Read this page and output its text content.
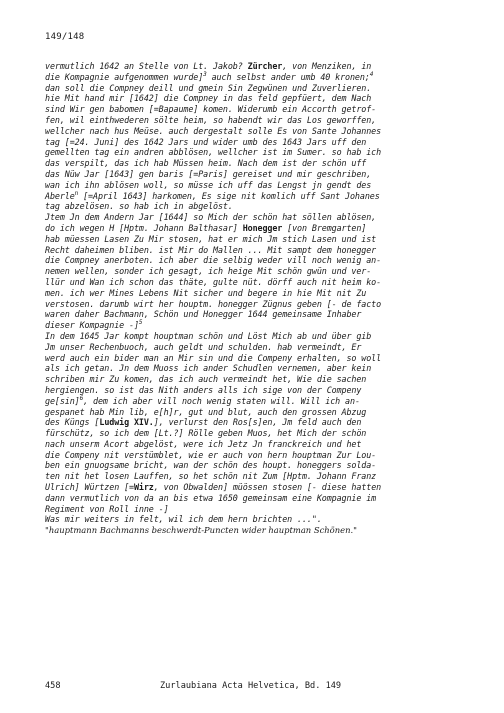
149/148
vermutlich 1642 an Stelle von Lt. Jakob? Zürcher, von Menziken, in
die Kompagnie aufgenommen wurde]$^3$ auch selbst ander umb 40 kronen;$^4$
dan soll die Compney deill und gmein Sin Zegwünen und Zuverlieren.
hie Mit hand mir [1642] die Compney in das feld gepfüert, dem Nach
sind Wir gen babomen [=Bapaume] komen. Widerumb ein Accorth getrof-
fen, wil einthwederen sölte heim, so habendt wir das Los geworffen,
wellcher nach hus Meüse. auch dergestalt solle Es von Sante Johannes
tag [=24. Juni] des 1642 Jars und wider umb des 1643 Jars uff den
gemellten tag ein andren abblösen, wellcher ist im Sumer. so hab ich
das verspilt, das ich hab Müssen heim. Nach dem ist der schön uff
das Nüw Jar [1643] gen baris [=Paris] gereiset und mir geschriben,
wan ich ihn ablösen woll, so müsse ich uff das Lengst jn gendt des
Aberle$^n$ [=April 1643] harkomen, Es sige nit komlich uff Sant Johanes
tag abzelösen. so hab ich in abgelöst.
Jtem Jn dem Andern Jar [1644] so Mich der schön hat söllen ablösen,
do ich wegen H [Hptm. Johann Balthasar] Honegger [von Bremgarten]
hab müessen Lasen Zu Mir stosen, hat er mich Jm stich Lasen und ist
Recht daheimen bliben. ist Mir do Mallen ... Mit sampt dem honegger
die Compney anerboten. ich aber die selbig weder vill noch wenig an-
nemen wellen, sonder ich gesagt, ich heige Mit schön gwün und ver-
llür und Wan ich schon das thäte, gulte nüt. dörff auch nit heim ko-
men. ich wer Mines Lebens Nit sicher und begere in hie Mit nit Zu
verstosen. darumb wirt her houptm. honegger Zügnus geben [- de facto
waren daher Bachmann, Schön und Honegger 1644 gemeinsame Inhaber
dieser Kompagnie -]$^5$
In dem 1645 Jar kompt houptman schön und Löst Mich ab und über gib
Jm unser Rechenbuoch, auch geldt und schulden. hab vermeindt, Er
werd auch ein bider man an Mir sin und die Compeny erhalten, so woll
als ich getan. Jn dem Muoss ich ander Schudlen vernemen, aber kein
schriben mir Zu komen, das ich auch vermeindt het, Wie die sachen
hergiengen. so ist das Nith anders alls ich sige von der Compeny
$ge[\sin]^6$, dem ich aber vill noch wenig staten will. Will ich an-
gespanet hab Min lib, e[h]r, gut und blut, auch den grossen Abzug
des Küngs [Ludwig XIV.], verlurst den Ros[s]en, Jm feld auch den
fürschütz, so ich dem [Lt.?] Rölle geben Muos, het Mich der schön
nach unserm Acort abgelöst, were ich Jetz Jn franckreich und het
die Compeny nit verstümblet, wie er auch von hern houptman Zur Lou-
ben ein gnuogsame bricht, wan der schön des houpt. honeggers solda-
ten nit het losen Lauffen, so het schön nit Zum [Hptm. Johann Franz
Ulrich] Würtzen [=Wirz, von Obwalden] müössen stosen [- diese hatten
dann vermutlich von da an bis etwa 1650 gemeinsam eine Kompagnie im
Regiment von Roll inne -]
Was mir weiters in felt, wil ich dem hern brichten ...".
"hauptmann Bachmanns beschwerdt-Puncten wider hauptman Schönen."
458	Zurlaubiana Acta Helvetica, Bd. 149
